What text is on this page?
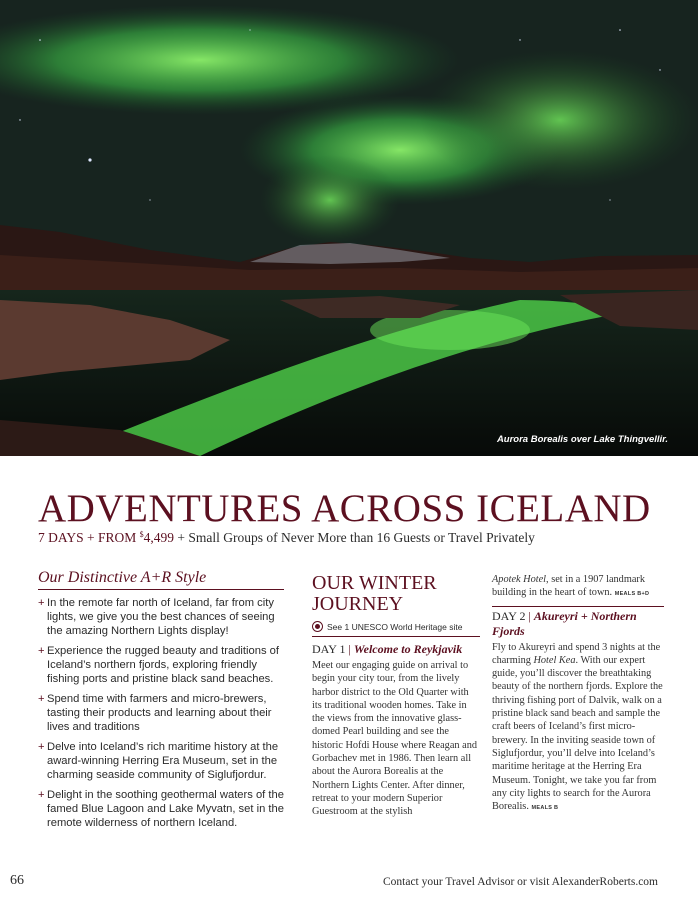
Aurora Borealis over Lake Thingvellir.
ADVENTURES ACROSS ICELAND
7 DAYS + FROM $4,499 + Small Groups of Never More than 16 Guests or Travel Privately
Our Distinctive A+R Style
+ In the remote far north of Iceland, far from city lights, we give you the best chances of seeing the amazing Northern Lights display!
+ Experience the rugged beauty and traditions of Iceland’s northern fjords, exploring friendly fishing ports and pristine black sand beaches.
+ Spend time with farmers and micro-brewers, tasting their products and learning about their lives and traditions
+ Delve into Iceland’s rich maritime history at the award-winning Herring Era Museum, set in the charming seaside community of Siglufjordur.
+ Delight in the soothing geothermal waters of the famed Blue Lagoon and Lake Myvatn, set in the remote wilderness of northern Iceland.
OUR WINTER JOURNEY
See 1 UNESCO World Heritage site
DAY 1 | Welcome to Reykjavik
Meet our engaging guide on arrival to begin your city tour, from the lively harbor district to the Old Quarter with its traditional wooden homes. Take in the views from the innovative glass-domed Pearl building and see the historic Hofdi House where Reagan and Gorbachev met in 1986. Then learn all about the Aurora Borealis at the Northern Lights Center. After dinner, retreat to your modern Superior Guestroom at the stylish
Apotek Hotel, set in a 1907 landmark building in the heart of town. MEALS B+D
DAY 2 | Akureyri + Northern Fjords
Fly to Akureyri and spend 3 nights at the charming Hotel Kea. With our expert guide, you’ll discover the breathtaking beauty of the northern fjords. Explore the thriving fishing port of Dalvik, walk on a pristine black sand beach and sample the craft beers of Iceland’s first micro-brewery. In the inviting seaside town of Siglufjordur, you’ll delve into Iceland’s maritime heritage at the Herring Era Museum. Tonight, we take you far from any city lights to search for the Aurora Borealis. MEALS B
66	Contact your Travel Advisor or visit AlexanderRoberts.com
